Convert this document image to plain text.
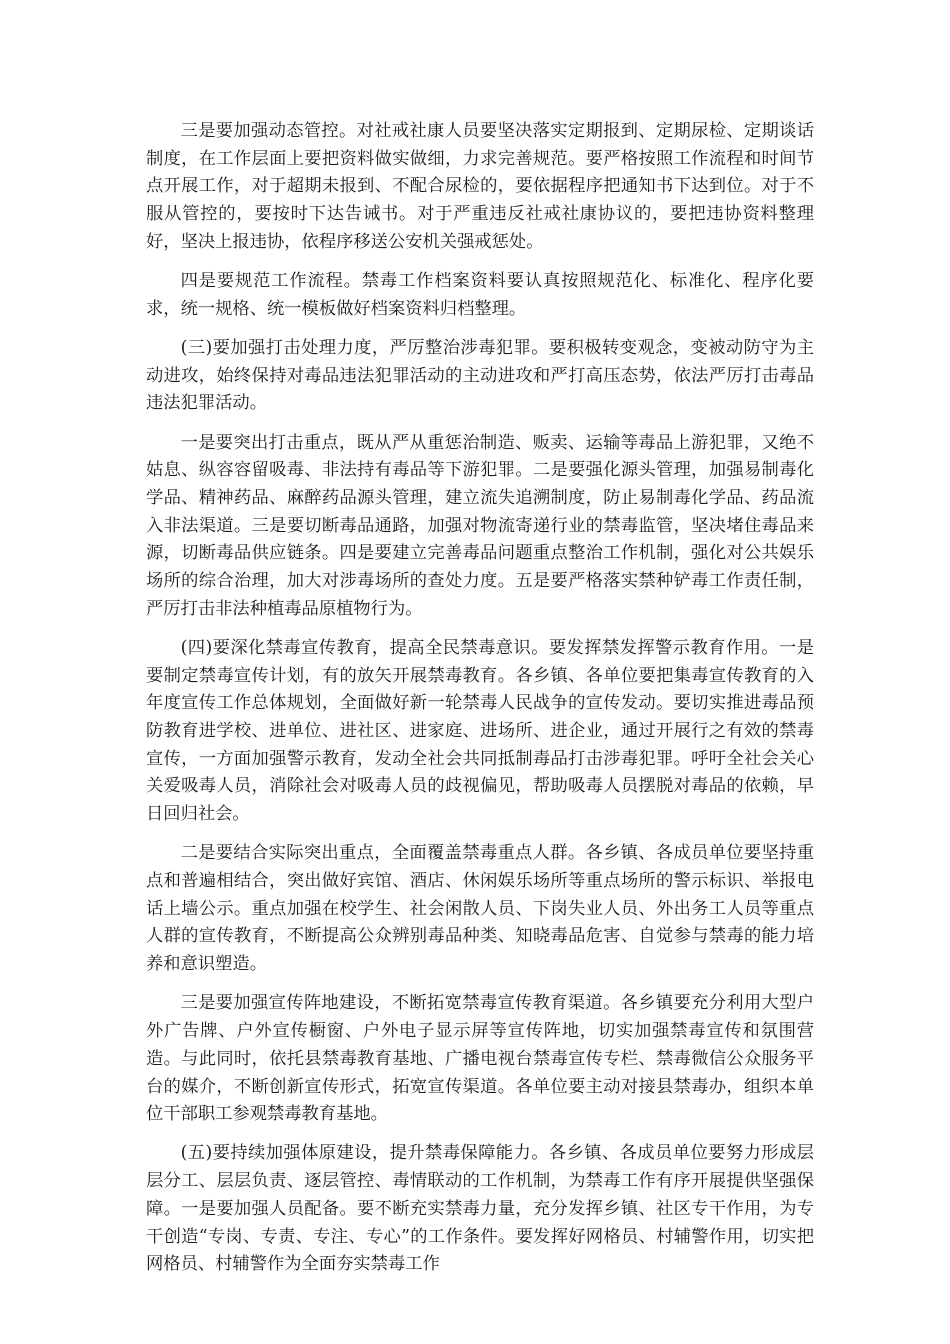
三是要加强动态管控。对社戒社康人员要坚决落实定期报到、定期尿检、定期谈话制度，在工作层面上要把资料做实做细，力求完善规范。要严格按照工作流程和时间节点开展工作，对于超期未报到、不配合尿检的，要依据程序把通知书下达到位。对于不服从管控的，要按时下达告诫书。对于严重违反社戒社康协议的，要把违协资料整理好，坚决上报违协，依程序移送公安机关强戒惩处。

四是要规范工作流程。禁毒工作档案资料要认真按照规范化、标准化、程序化要求，统一规格、统一模板做好档案资料归档整理。

(三)要加强打击处理力度，严厉整治涉毒犯罪。要积极转变观念，变被动防守为主动进攻，始终保持对毒品违法犯罪活动的主动进攻和严打高压态势，依法严厉打击毒品违法犯罪活动。

一是要突出打击重点，既从严从重惩治制造、贩卖、运输等毒品上游犯罪，又绝不姑息、纵容容留吸毒、非法持有毒品等下游犯罪。二是要强化源头管理，加强易制毒化学品、精神药品、麻醉药品源头管理，建立流失追溯制度，防止易制毒化学品、药品流入非法渠道。三是要切断毒品通路，加强对物流寄递行业的禁毒监管，坚决堵住毒品来源，切断毒品供应链条。四是要建立完善毒品问题重点整治工作机制，强化对公共娱乐场所的综合治理，加大对涉毒场所的查处力度。五是要严格落实禁种铲毒工作责任制，严厉打击非法种植毒品原植物行为。

(四)要深化禁毒宣传教育，提高全民禁毒意识。要发挥禁发挥警示教育作用。一是要制定禁毒宣传计划，有的放矢开展禁毒教育。各乡镇、各单位要把集毒宣传教育的入年度宣传工作总体规划，全面做好新一轮禁毒人民战争的宣传发动。要切实推进毒品预防教育进学校、进单位、进社区、进家庭、进场所、进企业，通过开展行之有效的禁毒宣传，一方面加强警示教育，发动全社会共同抵制毒品打击涉毒犯罪。呼吁全社会关心关爱吸毒人员，消除社会对吸毒人员的歧视偏见，帮助吸毒人员摆脱对毒品的依赖，早日回归社会。

二是要结合实际突出重点，全面覆盖禁毒重点人群。各乡镇、各成员单位要坚持重点和普遍相结合，突出做好宾馆、酒店、休闲娱乐场所等重点场所的警示标识、举报电话上墙公示。重点加强在校学生、社会闲散人员、下岗失业人员、外出务工人员等重点人群的宣传教育，不断提高公众辨别毒品种类、知晓毒品危害、自觉参与禁毒的能力培养和意识塑造。

三是要加强宣传阵地建设，不断拓宽禁毒宣传教育渠道。各乡镇要充分利用大型户外广告牌、户外宣传橱窗、户外电子显示屏等宣传阵地，切实加强禁毒宣传和氛围营造。与此同时，依托县禁毒教育基地、广播电视台禁毒宣传专栏、禁毒微信公众服务平台的媒介，不断创新宣传形式，拓宽宣传渠道。各单位要主动对接县禁毒办，组织本单位干部职工参观禁毒教育基地。

(五)要持续加强体原建设，提升禁毒保障能力。各乡镇、各成员单位要努力形成层层分工、层层负责、逐层管控、毒情联动的工作机制，为禁毒工作有序开展提供坚强保障。一是要加强人员配备。要不断充实禁毒力量，充分发挥乡镇、社区专干作用，为专干创造“专岗、专责、专注、专心”的工作条件。要发挥好网格员、村辅警作用，切实把网格员、村辅警作为全面夯实禁毒工作
